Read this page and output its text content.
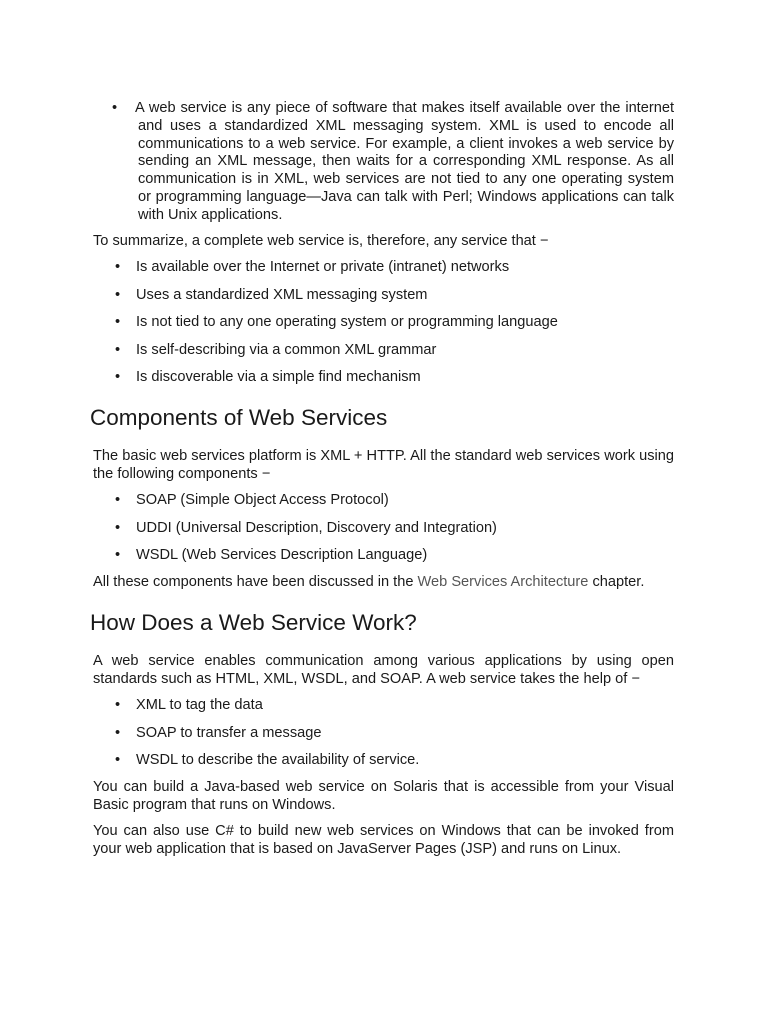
• A web service is any piece of software that makes itself available over the internet and uses a standardized XML messaging system. XML is used to encode all communications to a web service. For example, a client invokes a web service by sending an XML message, then waits for a corresponding XML response. As all communication is in XML, web services are not tied to any one operating system or programming language—Java can talk with Perl; Windows applications can talk with Unix applications.

To summarize, a complete web service is, therefore, any service that −

• Is available over the Internet or private (intranet) networks
• Uses a standardized XML messaging system
• Is not tied to any one operating system or programming language
• Is self-describing via a common XML grammar
• Is discoverable via a simple find mechanism
Components of Web Services

The basic web services platform is XML + HTTP. All the standard web services work using the following components −

• SOAP (Simple Object Access Protocol)
• UDDI (Universal Description, Discovery and Integration)
• WSDL (Web Services Description Language)

All these components have been discussed in the Web Services Architecture chapter.

How Does a Web Service Work?

A web service enables communication among various applications by using open standards such as HTML, XML, WSDL, and SOAP. A web service takes the help of −

• XML to tag the data
• SOAP to transfer a message
• WSDL to describe the availability of service.

You can build a Java-based web service on Solaris that is accessible from your Visual Basic program that runs on Windows.

You can also use C# to build new web services on Windows that can be invoked from your web application that is based on JavaServer Pages (JSP) and runs on Linux.
